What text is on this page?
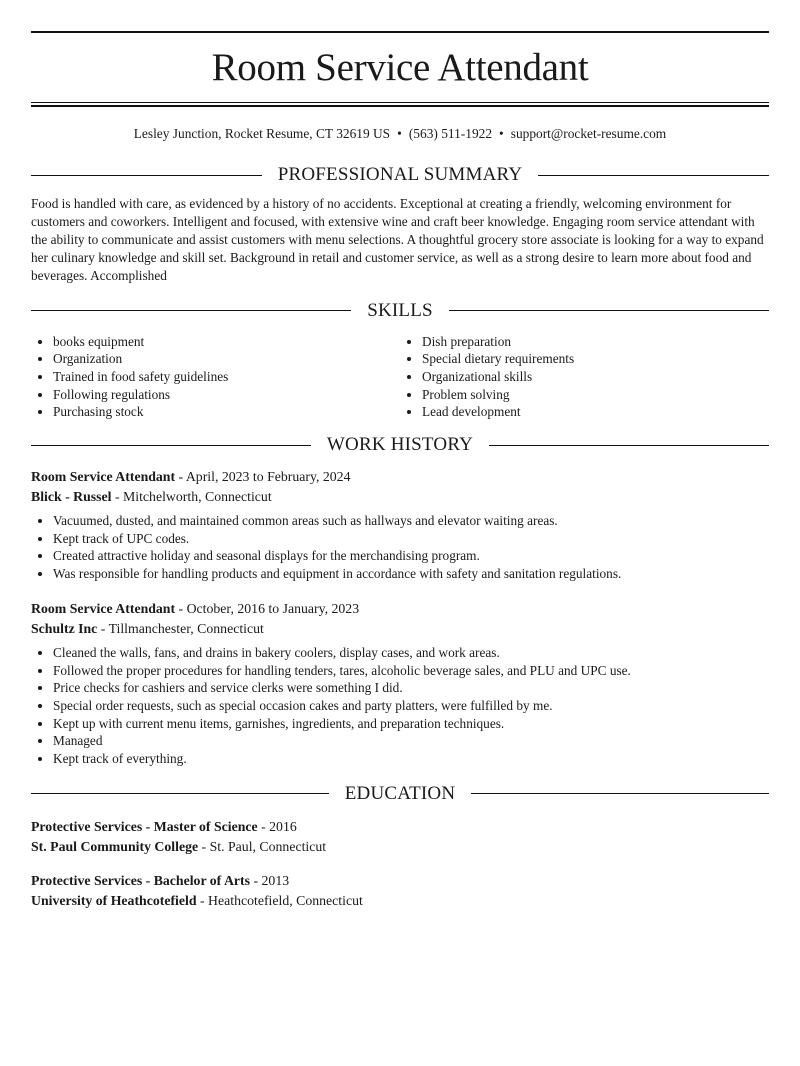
Room Service Attendant
Lesley Junction, Rocket Resume, CT 32619 US • (563) 511-1922 • support@rocket-resume.com
PROFESSIONAL SUMMARY

Food is handled with care, as evidenced by a history of no accidents. Exceptional at creating a friendly, welcoming environment for customers and coworkers. Intelligent and focused, with extensive wine and craft beer knowledge. Engaging room service attendant with the ability to communicate and assist customers with menu selections. A thoughtful grocery store associate is looking for a way to expand her culinary knowledge and skill set. Background in retail and customer service, as well as a strong desire to learn more about food and beverages. Accomplished

SKILLS
• books equipment
• Organization
• Trained in food safety guidelines
• Following regulations
• Purchasing stock
• Dish preparation
• Special dietary requirements
• Organizational skills
• Problem solving
• Lead development
WORK HISTORY
Room Service Attendant - April, 2023 to February, 2024
Blick - Russel - Mitchelworth, Connecticut
• Vacuumed, dusted, and maintained common areas such as hallways and elevator waiting areas.
• Kept track of UPC codes.
• Created attractive holiday and seasonal displays for the merchandising program.
• Was responsible for handling products and equipment in accordance with safety and sanitation regulations.
Room Service Attendant - October, 2016 to January, 2023
Schultz Inc - Tillmanchester, Connecticut
• Cleaned the walls, fans, and drains in bakery coolers, display cases, and work areas.
• Followed the proper procedures for handling tenders, tares, alcoholic beverage sales, and PLU and UPC use.
• Price checks for cashiers and service clerks were something I did.
• Special order requests, such as special occasion cakes and party platters, were fulfilled by me.
• Kept up with current menu items, garnishes, ingredients, and preparation techniques.
• Managed
• Kept track of everything.
EDUCATION
Protective Services - Master of Science - 2016
St. Paul Community College - St. Paul, Connecticut
Protective Services - Bachelor of Arts - 2013
University of Heathcotefield - Heathcotefield, Connecticut
